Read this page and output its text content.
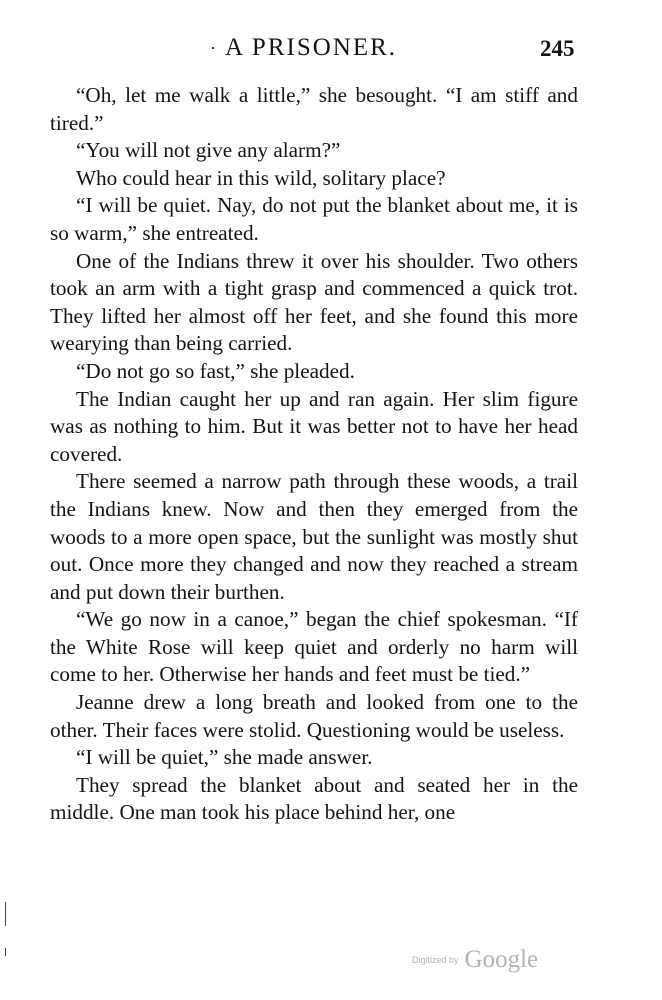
· A PRISONER.	245

“Oh, let me walk a little,” she besought. “I am stiff and tired.”

“You will not give any alarm?”

Who could hear in this wild, solitary place?

“I will be quiet. Nay, do not put the blanket about me, it is so warm,” she entreated.

One of the Indians threw it over his shoulder. Two others took an arm with a tight grasp and commenced a quick trot. They lifted her almost off her feet, and she found this more wearying than being carried.

“Do not go so fast,” she pleaded.

The Indian caught her up and ran again. Her slim figure was as nothing to him. But it was better not to have her head covered.

There seemed a narrow path through these woods, a trail the Indians knew. Now and then they emerged from the woods to a more open space, but the sunlight was mostly shut out. Once more they changed and now they reached a stream and put down their burthen.

“We go now in a canoe,” began the chief spokesman. “If the White Rose will keep quiet and orderly no harm will come to her. Otherwise her hands and feet must be tied.”

Jeanne drew a long breath and looked from one to the other. Their faces were stolid. Questioning would be useless.

“I will be quiet,” she made answer.

They spread the blanket about and seated her in the middle. One man took his place behind her, one

Digitized by Google
